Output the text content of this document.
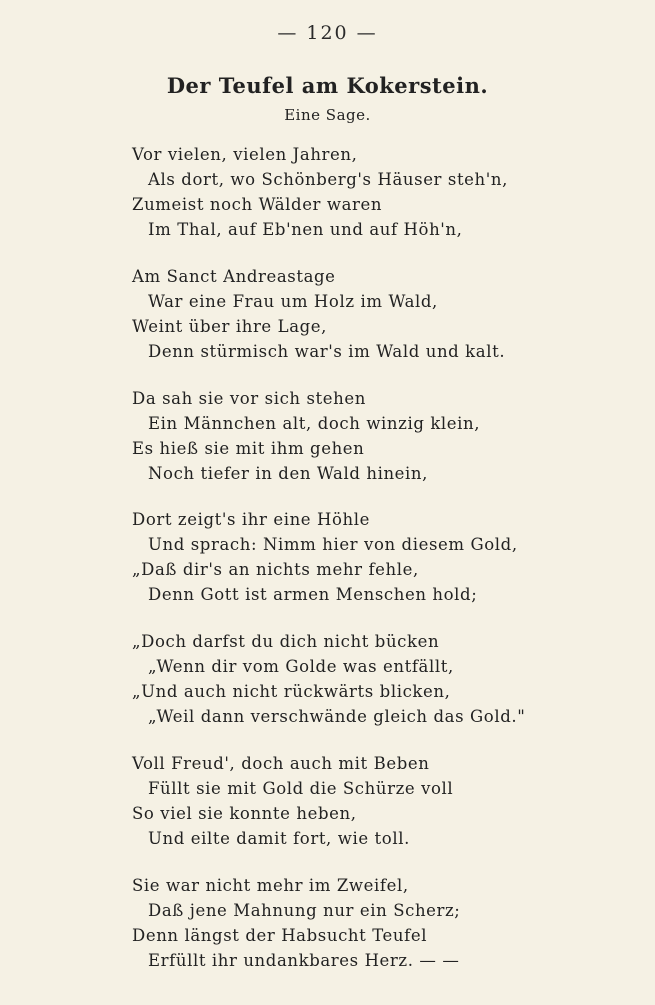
— 120 —
Der Teufel am Kokerstein.
Eine Sage.
Vor vielen, vielen Jahren,
Als dort, wo Schönberg's Häuser steh'n,
Zumeist noch Wälder waren
Im Thal, auf Eb'nen und auf Höh'n,
Am Sanct Andreastage
War eine Frau um Holz im Wald,
Weint über ihre Lage,
Denn stürmisch war's im Wald und kalt.
Da sah sie vor sich stehen
Ein Männchen alt, doch winzig klein,
Es hieß sie mit ihm gehen
Noch tiefer in den Wald hinein,
Dort zeigt's ihr eine Höhle
Und sprach: Nimm hier von diesem Gold,
„Daß dir's an nichts mehr fehle,
Denn Gott ist armen Menschen hold;
„Doch darfst du dich nicht bücken
„Wenn dir vom Golde was entfällt,
„Und auch nicht rückwärts blicken,
„Weil dann verschwände gleich das Gold."
Voll Freud', doch auch mit Beben
Füllt sie mit Gold die Schürze voll
So viel sie konnte heben,
Und eilte damit fort, wie toll.
Sie war nicht mehr im Zweifel,
Daß jene Mahnung nur ein Scherz;
Denn längst der Habsucht Teufel
Erfüllt ihr undankbares Herz. — —
